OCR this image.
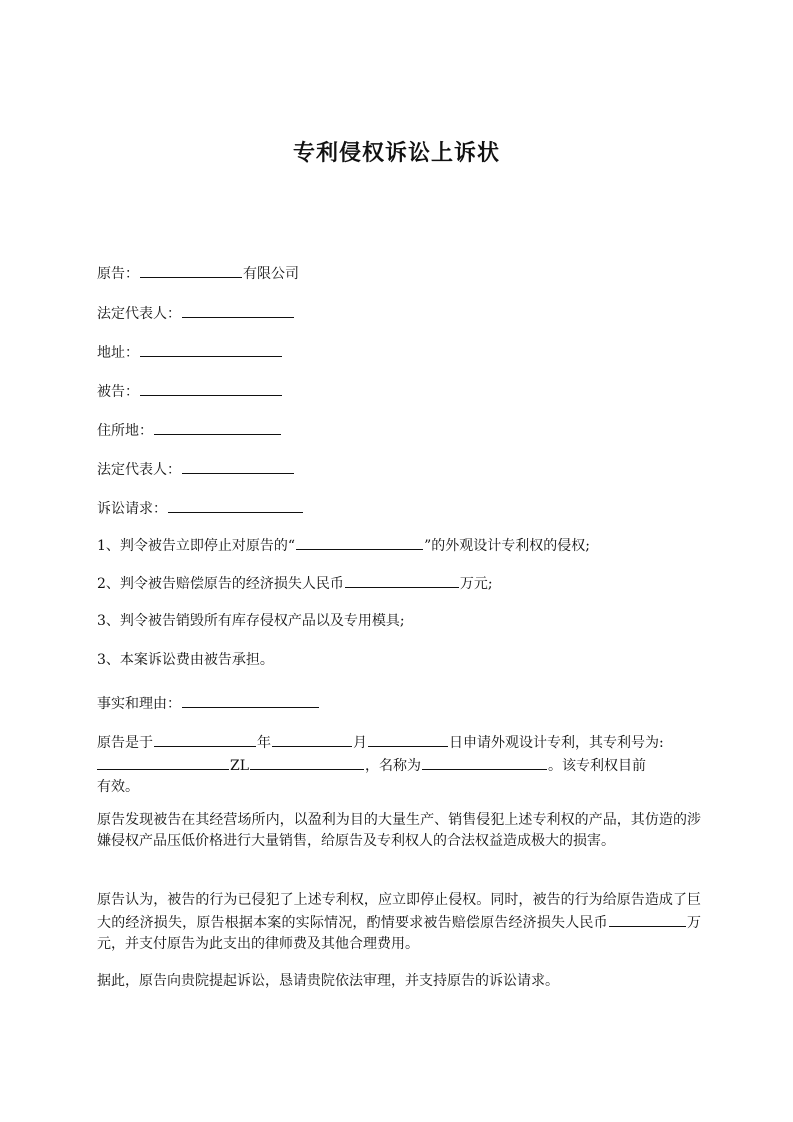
专利侵权诉讼上诉状
原告：	有限公司
法定代表人：
地址：
被告：
住所地：
法定代表人：
诉讼请求：
1、判令被告立即停止对原告的“	”的外观设计专利权的侵权;
2、判令被告赔偿原告的经济损失人民币	万元;
3、判令被告销毁所有库存侵权产品以及专用模具;
3、本案诉讼费由被告承担。
事实和理由：
原告是于	年	月	日申请外观设计专利，其专利号为:
ZL	，名称为	。该专利权目前
有效。
原告发现被告在其经营场所内，以盈利为目的大量生产、销售侵犯上述专利权的产品，其仿造的涉嫌侵权产品压低价格进行大量销售，给原告及专利权人的合法权益造成极大的损害。
原告认为，被告的行为已侵犯了上述专利权，应立即停止侵权。同时，被告的行为给原告造成了巨大的经济损失，原告根据本案的实际情况，酌情要求被告赔偿原告经济损失人民币	万元，并支付原告为此支出的律师费及其他合理费用。
据此，原告向贵院提起诉讼，恳请贵院依法审理，并支持原告的诉讼请求。
